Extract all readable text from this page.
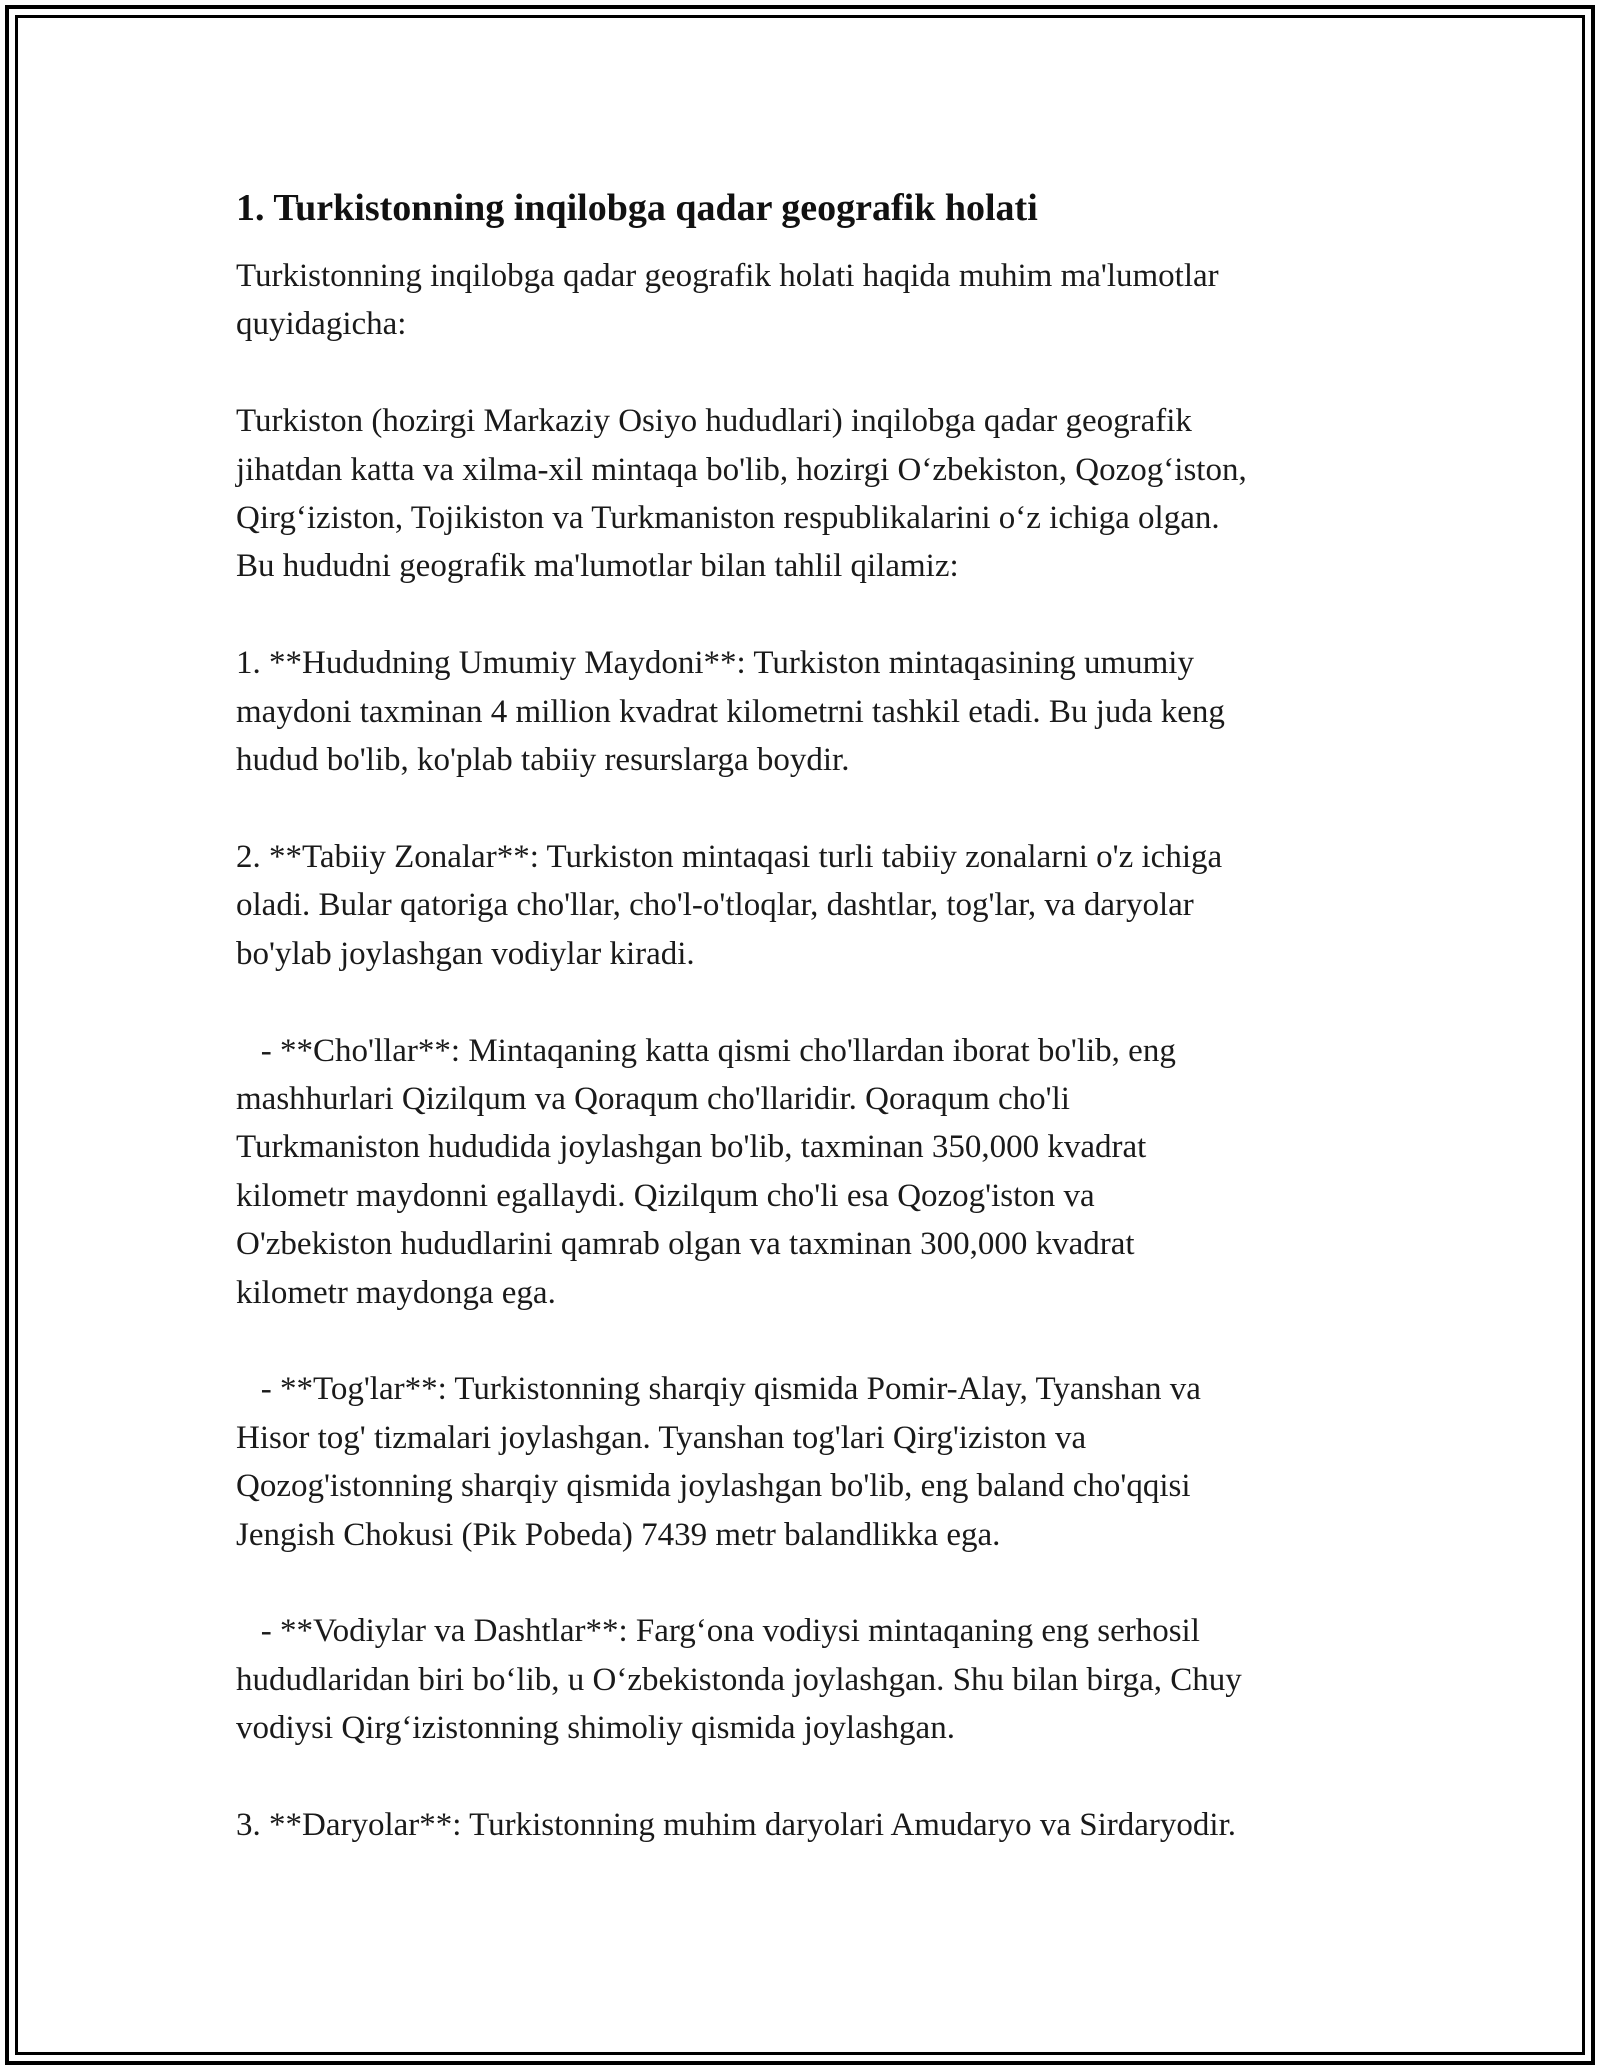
1. Turkistonning inqilobga qadar geografik holati

Turkistonning inqilobga qadar geografik holati haqida muhim ma'lumotlar
quyidagicha:

Turkiston (hozirgi Markaziy Osiyo hududlari) inqilobga qadar geografik
jihatdan katta va xilma-xil mintaqa bo'lib, hozirgi O‘zbekiston, Qozog‘iston,
Qirg‘iziston, Tojikiston va Turkmaniston respublikalarini o‘z ichiga olgan.
Bu hududni geografik ma'lumotlar bilan tahlil qilamiz:

1. **Hududning Umumiy Maydoni**: Turkiston mintaqasining umumiy
maydoni taxminan 4 million kvadrat kilometrni tashkil etadi. Bu juda keng
hudud bo'lib, ko'plab tabiiy resurslarga boydir.

2. **Tabiiy Zonalar**: Turkiston mintaqasi turli tabiiy zonalarni o'z ichiga
oladi. Bular qatoriga cho'llar, cho'l-o'tloqlar, dashtlar, tog'lar, va daryolar
bo'ylab joylashgan vodiylar kiradi.

- **Cho'llar**: Mintaqaning katta qismi cho'llardan iborat bo'lib, eng
mashhurlari Qizilqum va Qoraqum cho'llaridir. Qoraqum cho'li
Turkmaniston hududida joylashgan bo'lib, taxminan 350,000 kvadrat
kilometr maydonni egallaydi. Qizilqum cho'li esa Qozog'iston va
O'zbekiston hududlarini qamrab olgan va taxminan 300,000 kvadrat
kilometr maydonga ega.

- **Tog'lar**: Turkistonning sharqiy qismida Pomir-Alay, Tyanshan va
Hisor tog' tizmalari joylashgan. Tyanshan tog'lari Qirg'iziston va
Qozog'istonning sharqiy qismida joylashgan bo'lib, eng baland cho'qqisi
Jengish Chokusi (Pik Pobeda) 7439 metr balandlikka ega.

- **Vodiylar va Dashtlar**: Farg‘ona vodiysi mintaqaning eng serhosil
hududlaridan biri bo‘lib, u O‘zbekistonda joylashgan. Shu bilan birga, Chuy
vodiysi Qirg‘izistonning shimoliy qismida joylashgan.

3. **Daryolar**: Turkistonning muhim daryolari Amudaryo va Sirdaryodir.
